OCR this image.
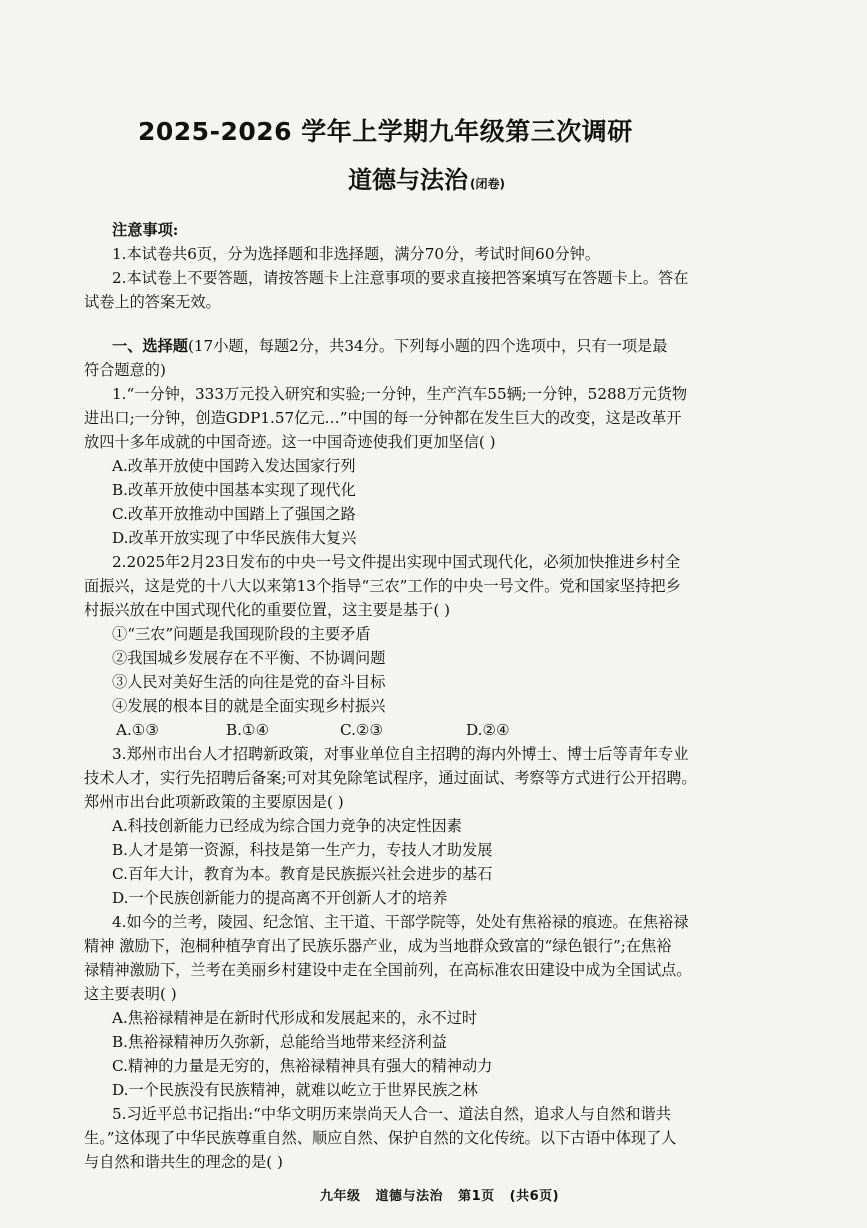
2025-2026 学年上学期九年级第三次调研
道德与法治 (闭卷)
注意事项:
1.本试卷共6页，分为选择题和非选择题，满分70分，考试时间60分钟。
2.本试卷上不要答题，请按答题卡上注意事项的要求直接把答案填写在答题卡上。答在
试卷上的答案无效。
一、选择题(17小题，每题2分，共34分。下列每小题的四个选项中，只有一项是最
符合题意的)
1.“一分钟，333万元投入研究和实验;一分钟，生产汽车55辆;一分钟，5288万元货物
进出口;一分钟，创造GDP1.57亿元…”中国的每一分钟都在发生巨大的改变，这是改革开
放四十多年成就的中国奇迹。这一中国奇迹使我们更加坚信( )
A.改革开放使中国跨入发达国家行列
B.改革开放使中国基本实现了现代化
C.改革开放推动中国踏上了强国之路
D.改革开放实现了中华民族伟大复兴
2.2025年2月23日发布的中央一号文件提出实现中国式现代化，必须加快推进乡村全
面振兴，这是党的十八大以来第13个指导“三农”工作的中央一号文件。党和国家坚持把乡
村振兴放在中国式现代化的重要位置，这主要是基于( )
①“三农”问题是我国现阶段的主要矛盾
②我国城乡发展存在不平衡、不协调问题
③人民对美好生活的向往是党的奋斗目标
④发展的根本目的就是全面实现乡村振兴
A.①③	B.①④	C.②③	D.②④
3.郑州市出台人才招聘新政策，对事业单位自主招聘的海内外博士、博士后等青年专业
技术人才，实行先招聘后备案;可对其免除笔试程序，通过面试、考察等方式进行公开招聘。
郑州市出台此项新政策的主要原因是( )
A.科技创新能力已经成为综合国力竞争的决定性因素
B.人才是第一资源，科技是第一生产力，专技人才助发展
C.百年大计，教育为本。教育是民族振兴社会进步的基石
D.一个民族创新能力的提高离不开创新人才的培养
4.如今的兰考，陵园、纪念馆、主干道、干部学院等，处处有焦裕禄的痕迹。在焦裕禄
精神 激励下，泡桐种植孕育出了民族乐器产业，成为当地群众致富的“绿色银行”;在焦裕
禄精神激励下，兰考在美丽乡村建设中走在全国前列，在高标准农田建设中成为全国试点。
这主要表明( )
A.焦裕禄精神是在新时代形成和发展起来的，永不过时
B.焦裕禄精神历久弥新，总能给当地带来经济利益
C.精神的力量是无穷的，焦裕禄精神具有强大的精神动力
D.一个民族没有民族精神，就难以屹立于世界民族之林
5.习近平总书记指出:“中华文明历来崇尚天人合一、道法自然，追求人与自然和谐共
生。”这体现了中华民族尊重自然、顺应自然、保护自然的文化传统。以下古语中体现了人
与自然和谐共生的理念的是( )
九年级 道德与法治 第1页 (共6页)
